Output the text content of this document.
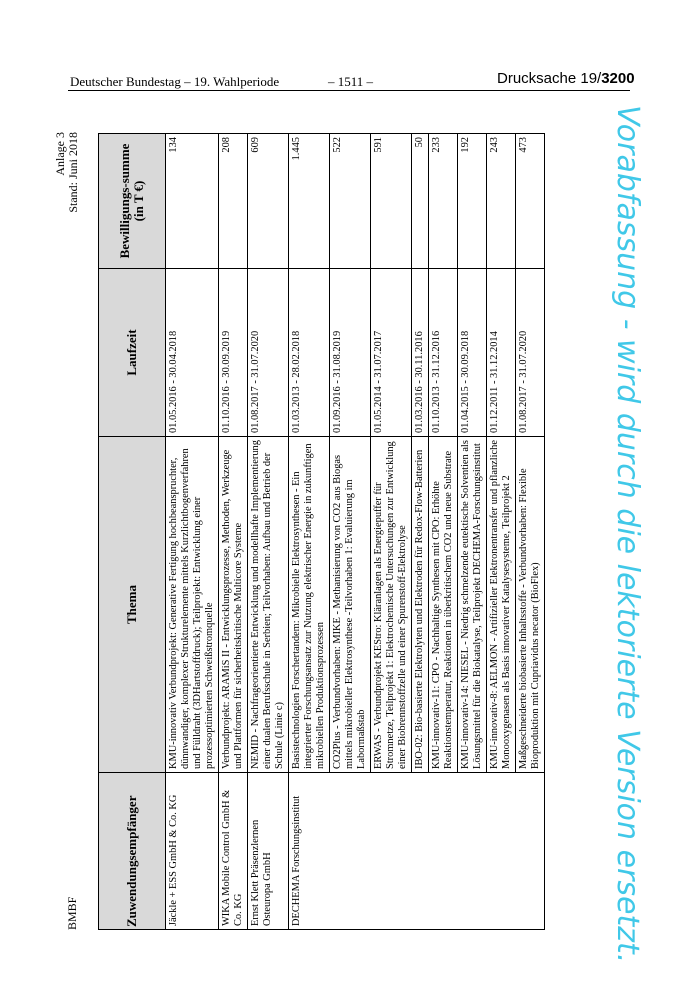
Deutscher Bundestag – 19. Wahlperiode	– 1511 –	Drucksache 19/3200
BMBF
Anlage 3 Stand: Juni 2018
Zuwendungsempfänger	Thema	Laufzeit	Bewilligungs-summe (in T €)
Jäckle + ESS GmbH & Co. KG	KMU-innovativ Verbundprojekt: Generative Fertigung hochbeanspruchter, dünnwandiger, komplexer Strukturelemente mittels Kurzlichtbogenverfahren und Fülldraht (3DHartstoffdruck); Teilprojekt: Entwicklung einer prozessoptimierten Schweißstromquelle	01.05.2016 - 30.04.2018	134
WIKA Mobile Control GmbH & Co. KG	Verbundprojekt: ARAMiS II - Entwicklungsprozesse, Methoden, Werkzeuge und Plattformen für sicherheitskritische Multicore Systeme	01.10.2016 - 30.09.2019	208
Ernst Klett Präsenzlernen Osteuropa GmbH	NEMID - Nachfrageorientierte Entwicklung und modellhafte Implementierung einer dualen Berufsschule in Serbien; Teilvorhaben: Aufbau und Betrieb der Schule (Linie c)	01.08.2017 - 31.07.2020	609
DECHEMA Forschungsinstitut	Basistechnologien Forschertandem: Mikrobielle Elektrosynthesen - Ein integrierter Forschungsansatz zur Nutzung elektrischer Energie in zukunftigen mikrobiellen Produktionsprozessen	01.03.2013 - 28.02.2018	1.445
	CO2Plus - Verbundvorhaben: MIKE - Methanisierung von CO2 aus Biogas mittels mikrobieller Elektrosynthese -Teilvorhaben 1: Evaluierung im Labormaßstab	01.09.2016 - 31.08.2019	522
	ERWAS - Verbundprojekt KEStro: Kläranlagen als Energiepuffer für Stromnetze, Teilprojekt 1: Elektrochemische Untersuchungen zur Entwicklung einer Biobrennstoffzelle und einer Spurenstoff-Elektrolyse	01.05.2014 - 31.07.2017	591
	IBO-02: Bio-basierte Elektrolyten und Elektroden für Redox-Flow-Batterien	01.03.2016 - 30.11.2016	50
	KMU-innovativ-11: CPO - Nachhaltige Synthesen mit CPO: Erhöhte Reaktionstemperatur, Reaktionen in überkritischem CO2 und neue Substrate	01.10.2013 - 31.12.2016	233
	KMU-innovativ-14: NIESEL - Niedrig schmelzende eutektische Solventien als Lösungsmittel für die Biokatalyse, Teilprojekt DECHEMA-Forschungsinstitut	01.04.2015 - 30.09.2018	192
	KMU-innovativ-8: AELMON - Artifizieller Elektronentransfer und pflanzliche Monooxygenasen als Basis innovativer Katalysesysteme, Teilprojekt 2	01.12.2011 - 31.12.2014	243
	Maßgeschneiderte biobasierte Inhaltsstoffe - Verbundvorhaben: Flexible Bioproduktion mit Cupriavidus necator (BioFlex)	01.08.2017 - 31.07.2020	473	Vorabfassung - wird durch die lektorierte Version ersetzt.
